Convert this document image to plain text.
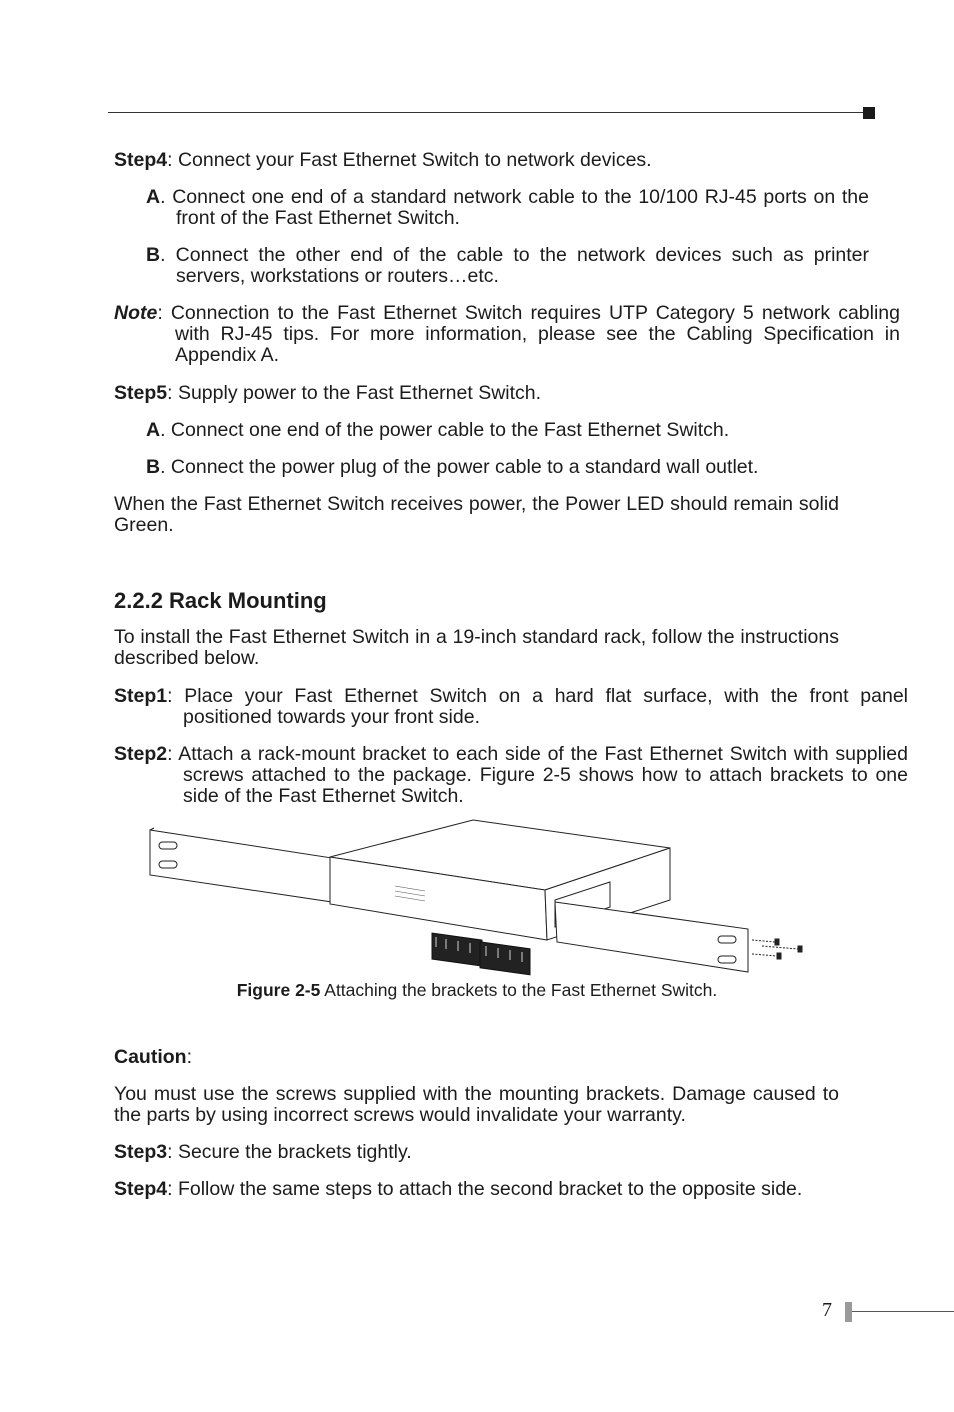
Step4: Connect your Fast Ethernet Switch to network devices.

A. Connect one end of a standard network cable to the 10/100 RJ-45 ports on the front of the Fast Ethernet Switch.

B. Connect the other end of the cable to the network devices such as printer servers, workstations or routers…etc.

Note: Connection to the Fast Ethernet Switch requires UTP Category 5 network cabling with RJ-45 tips. For more information, please see the Cabling Specification in Appendix A.

Step5: Supply power to the Fast Ethernet Switch.

A. Connect one end of the power cable to the Fast Ethernet Switch.

B. Connect the power plug of the power cable to a standard wall outlet.

When the Fast Ethernet Switch receives power, the Power LED should remain solid Green.

2.2.2 Rack Mounting

To install the Fast Ethernet Switch in a 19-inch standard rack, follow the instructions described below.

Step1: Place your Fast Ethernet Switch on a hard flat surface, with the front panel positioned towards your front side.

Step2: Attach a rack-mount bracket to each side of the Fast Ethernet Switch with supplied screws attached to the package. Figure 2-5 shows how to attach brackets to one side of the Fast Ethernet Switch.

Figure 2-5 Attaching the brackets to the Fast Ethernet Switch.

Caution:

You must use the screws supplied with the mounting brackets. Damage caused to the parts by using incorrect screws would invalidate your warranty.

Step3: Secure the brackets tightly.

Step4: Follow the same steps to attach the second bracket to the opposite side.

7
